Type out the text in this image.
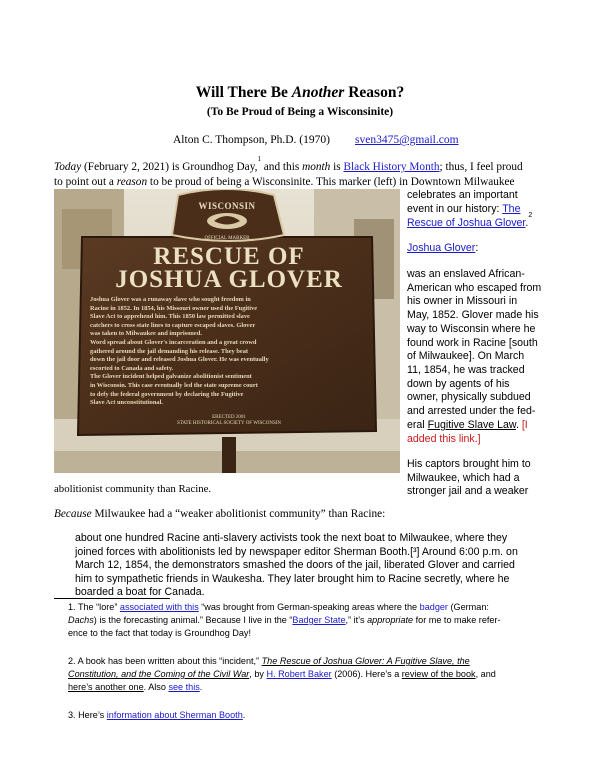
Will There Be Another Reason?
(To Be Proud of Being a Wisconsinite)
Alton C. Thompson, Ph.D. (1970) sven3475@gmail.com
Today (February 2, 2021) is Groundhog Day,$^1$ and this month is Black History Month; thus, I feel proud
to point out a reason to be proud of being a Wisconsinite. This marker (left) in Downtown Milwaukee
WISCONSIN
OFFICIAL MARKER
RESCUE OF
JOSHUA GLOVER
Joshua Glover was a runaway slave who sought freedom in
Racine in 1852. In 1854, his Missouri owner used the Fugitive
Slave Act to apprehend him. This 1850 law permitted slave
catchers to cross state lines to capture escaped slaves. Glover
was taken to Milwaukee and imprisoned.
Word spread about Glover's incarceration and a great crowd
gathered around the jail demanding his release. They beat
down the jail door and released Joshua Glover. He was eventually
escorted to Canada and safety.
The Glover incident helped galvanize abolitionist sentiment
in Wisconsin. This case eventually led the state supreme court
to defy the federal government by declaring the Fugitive
Slave Act unconstitutional.
ERECTED 2001
STATE HISTORICAL SOCIETY OF WISCONSIN
celebrates an important
event in our history: The
Rescue of Joshua Glover.$^2$
Joshua Glover:
was an enslaved African-
American who escaped from
his owner in Missouri in
May, 1852. Glover made his
way to Wisconsin where he
found work in Racine [south
of Milwaukee]. On March
11, 1854, he was tracked
down by agents of his
owner, physically subdued
and arrested under the fed-
eral Fugitive Slave Law. [I
added this link.]
His captors brought him to
Milwaukee, which had a
stronger jail and a weaker
abolitionist community than Racine.
Because Milwaukee had a “weaker abolitionist community” than Racine:
about one hundred Racine anti-slavery activists took the next boat to Milwaukee, where they
joined forces with abolitionists led by newspaper editor Sherman Booth.[³] Around 6:00 p.m. on
March 12, 1854, the demonstrators smashed the doors of the jail, liberated Glover and carried
him to sympathetic friends in Waukesha. They later brought him to Racine secretly, where he
boarded a boat for Canada.
1. The “lore” associated with this “was brought from German-speaking areas where the badger (German:
Dachs) is the forecasting animal.” Because I live in the “Badger State,” it’s appropriate for me to make refer-
ence to the fact that today is Groundhog Day!
2. A book has been written about this “incident,” The Rescue of Joshua Glover: A Fugitive Slave, the
Constitution, and the Coming of the Civil War, by H. Robert Baker (2006). Here’s a review of the book, and
here’s another one. Also see this.
3. Here’s information about Sherman Booth.
